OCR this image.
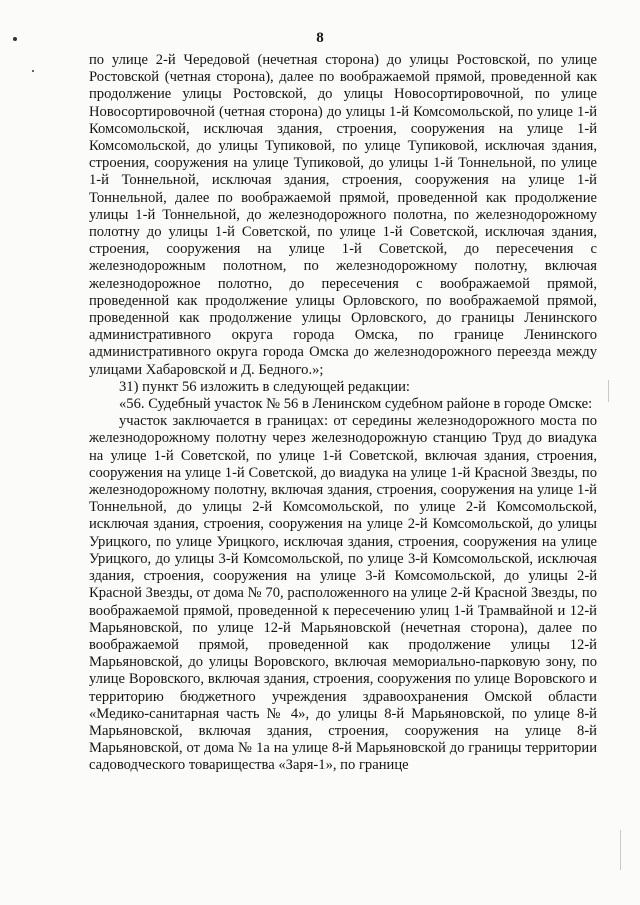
8

по улице 2-й Чередовой (нечетная сторона) до улицы Ростовской, по улице Ростовской (четная сторона), далее по воображаемой прямой, проведенной как продолжение улицы Ростовской, до улицы Новосортировочной, по улице Новосортировочной (четная сторона) до улицы 1-й Комсомольской, по улице 1-й Комсомольской, исключая здания, строения, сооружения на улице 1-й Комсомольской, до улицы Тупиковой, по улице Тупиковой, исключая здания, строения, сооружения на улице Тупиковой, до улицы 1-й Тоннельной, по улице 1-й Тоннельной, исключая здания, строения, сооружения на улице 1-й Тоннельной, далее по воображаемой прямой, проведенной как продолжение улицы 1-й Тоннельной, до железнодорожного полотна, по железнодорожному полотну до улицы 1-й Советской, по улице 1-й Советской, исключая здания, строения, сооружения на улице 1-й Советской, до пересечения с железнодорожным полотном, по железнодорожному полотну, включая железнодорожное полотно, до пересечения с воображаемой прямой, проведенной как продолжение улицы Орловского, по воображаемой прямой, проведенной как продолжение улицы Орловского, до границы Ленинского административного округа города Омска, по границе Ленинского административного округа города Омска до железнодорожного переезда между улицами Хабаровской и Д. Бедного.»;

31) пункт 56 изложить в следующей редакции:

«56. Судебный участок № 56 в Ленинском судебном районе в городе Омске:

участок заключается в границах: от середины железнодорожного моста по железнодорожному полотну через железнодорожную станцию Труд до виадука на улице 1-й Советской, по улице 1-й Советской, включая здания, строения, сооружения на улице 1-й Советской, до виадука на улице 1-й Красной Звезды, по железнодорожному полотну, включая здания, строения, сооружения на улице 1-й Тоннельной, до улицы 2-й Комсомольской, по улице 2-й Комсомольской, исключая здания, строения, сооружения на улице 2-й Комсомольской, до улицы Урицкого, по улице Урицкого, исключая здания, строения, сооружения на улице Урицкого, до улицы 3-й Комсомольской, по улице 3-й Комсомольской, исключая здания, строения, сооружения на улице 3-й Комсомольской, до улицы 2-й Красной Звезды, от дома № 70, расположенного на улице 2-й Красной Звезды, по воображаемой прямой, проведенной к пересечению улиц 1-й Трамвайной и 12-й Марьяновской, по улице 12-й Марьяновской (нечетная сторона), далее по воображаемой прямой, проведенной как продолжение улицы 12-й Марьяновской, до улицы Воровского, включая мемориально-парковую зону, по улице Воровского, включая здания, строения, сооружения по улице Воровского и территорию бюджетного учреждения здравоохранения Омской области «Медико-санитарная часть № 4», до улицы 8-й Марьяновской, по улице 8-й Марьяновской, включая здания, строения, сооружения на улице 8-й Марьяновской, от дома № 1а на улице 8-й Марьяновской до границы территории садоводческого товарищества «Заря-1», по границе
